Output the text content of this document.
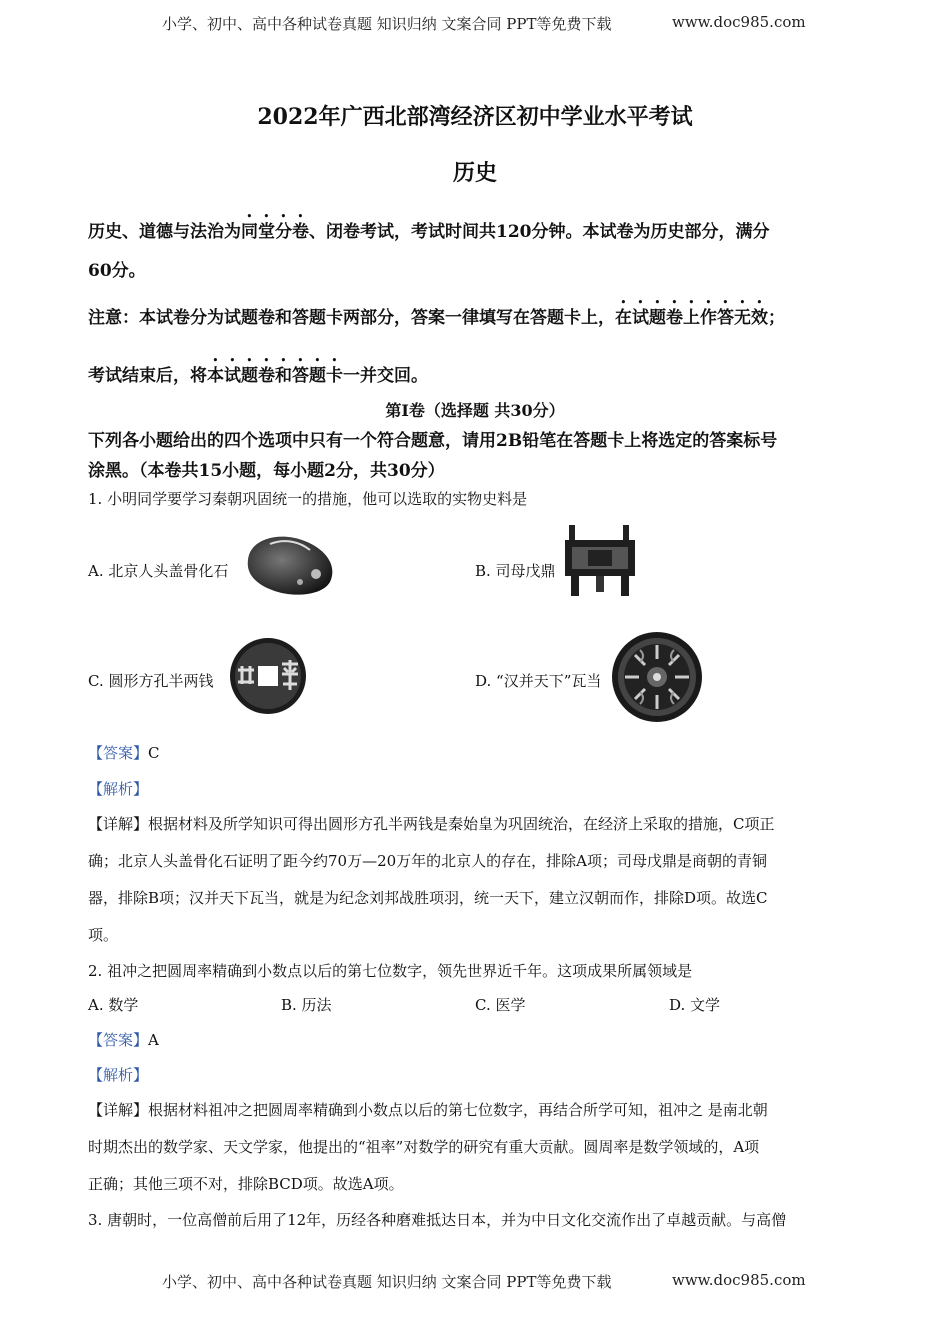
小学、初中、高中各种试卷真题 知识归纳 文案合同 PPT等免费下载	www.doc985.com
2022年广西北部湾经济区初中学业水平考试
历史
历史、道德与法治为同堂分卷、闭卷考试，考试时间共120分钟。本试卷为历史部分，满分
60分。
注意：本试卷分为试题卷和答题卡两部分，答案一律填写在答题卡上，在试题卷上作答无效；
考试结束后，将本试题卷和答题卡一并交回。
第Ⅰ卷（选择题 共30分）
下列各小题给出的四个选项中只有一个符合题意，请用2B铅笔在答题卡上将选定的答案标号
涂黑。（本卷共15小题，每小题2分，共30分）
1. 小明同学要学习秦朝巩固统一的措施，他可以选取的实物史料是
A. 北京人头盖骨化石	B. 司母戊鼎
C. 圆形方孔半两钱	D. “汉并天下”瓦当
【答案】C
【解析】
【详解】根据材料及所学知识可得出圆形方孔半两钱是秦始皇为巩固统治，在经济上采取的措施，C项正
确；北京人头盖骨化石证明了距今约70万—20万年的北京人的存在，排除A项；司母戊鼎是商朝的青铜
器，排除B项；汉并天下瓦当，就是为纪念刘邦战胜项羽，统一天下，建立汉朝而作，排除D项。故选C
项。
2. 祖冲之把圆周率精确到小数点以后的第七位数字，领先世界近千年。这项成果所属领域是
A. 数学	B. 历法	C. 医学	D. 文学
【答案】A
【解析】
【详解】根据材料祖冲之把圆周率精确到小数点以后的第七位数字，再结合所学可知，祖冲之 是南北朝
时期杰出的数学家、天文学家，他提出的“祖率”对数学的研究有重大贡献。圆周率是数学领域的，A项
正确；其他三项不对，排除BCD项。故选A项。
3. 唐朝时，一位高僧前后用了12年，历经各种磨难抵达日本，并为中日文化交流作出了卓越贡献。与高僧
小学、初中、高中各种试卷真题 知识归纳 文案合同 PPT等免费下载	www.doc985.com
